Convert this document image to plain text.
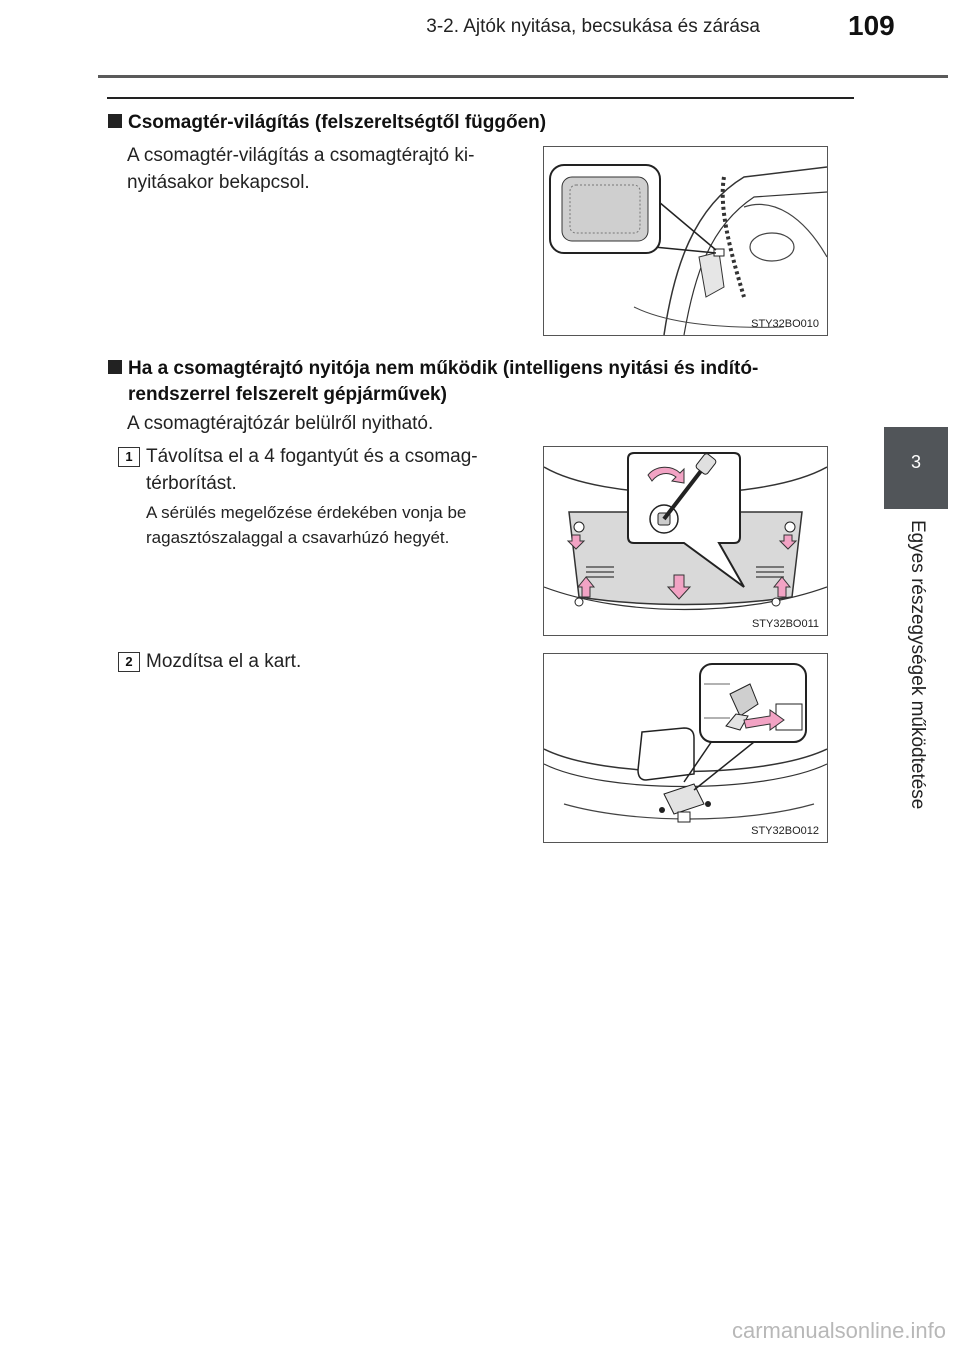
3-2. Ajtók nyitása, becsukása és zárása	109
3
Egyes részegységek működtetése
Csomagtér-világítás (felszereltségtől függően)
A csomagtér-világítás a csomagtérajtó ki-
nyitásakor bekapcsol.
STY32BO010
Ha a csomagtérajtó nyitója nem működik (intelligens nyitási és indító-
rendszerrel felszerelt gépjárművek)
A csomagtérajtózár belülről nyitható.
1 Távolítsa el a 4 fogantyút és a csomag-
térborítást.
A sérülés megelőzése érdekében vonja be
ragasztószalaggal a csavarhúzó hegyét.
STY32BO011
2 Mozdítsa el a kart.
STY32BO012
carmanualsonline.info
